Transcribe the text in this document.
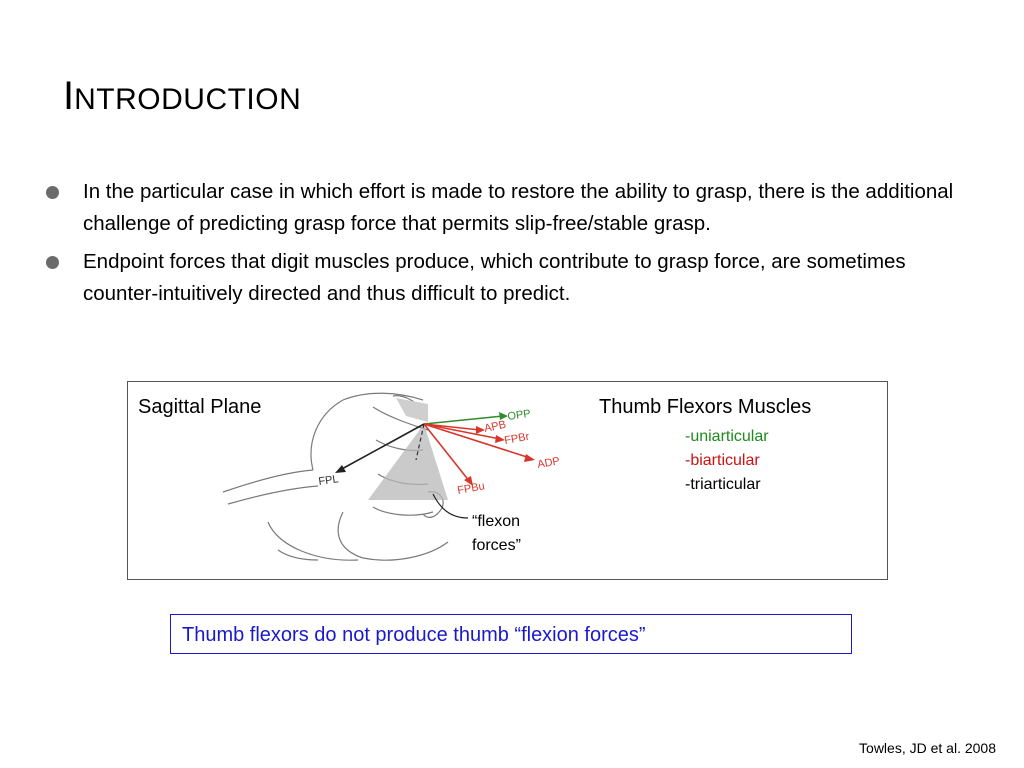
INTRODUCTION
In the particular case in which effort is made to restore the ability to grasp, there is the additional challenge of predicting grasp force that permits slip-free/stable grasp.
Endpoint forces that digit muscles produce, which contribute to grasp force, are sometimes counter-intuitively directed and thus difficult to predict.
Sagittal Plane	Thumb Flexors Muscles
-uniarticular
-biarticular
-triarticular
OPP
APB
FPBr
ADP
FPBu
FPL
“flexon
forces”
Thumb flexors do not produce thumb “flexion forces”
Towles, JD et al. 2008
